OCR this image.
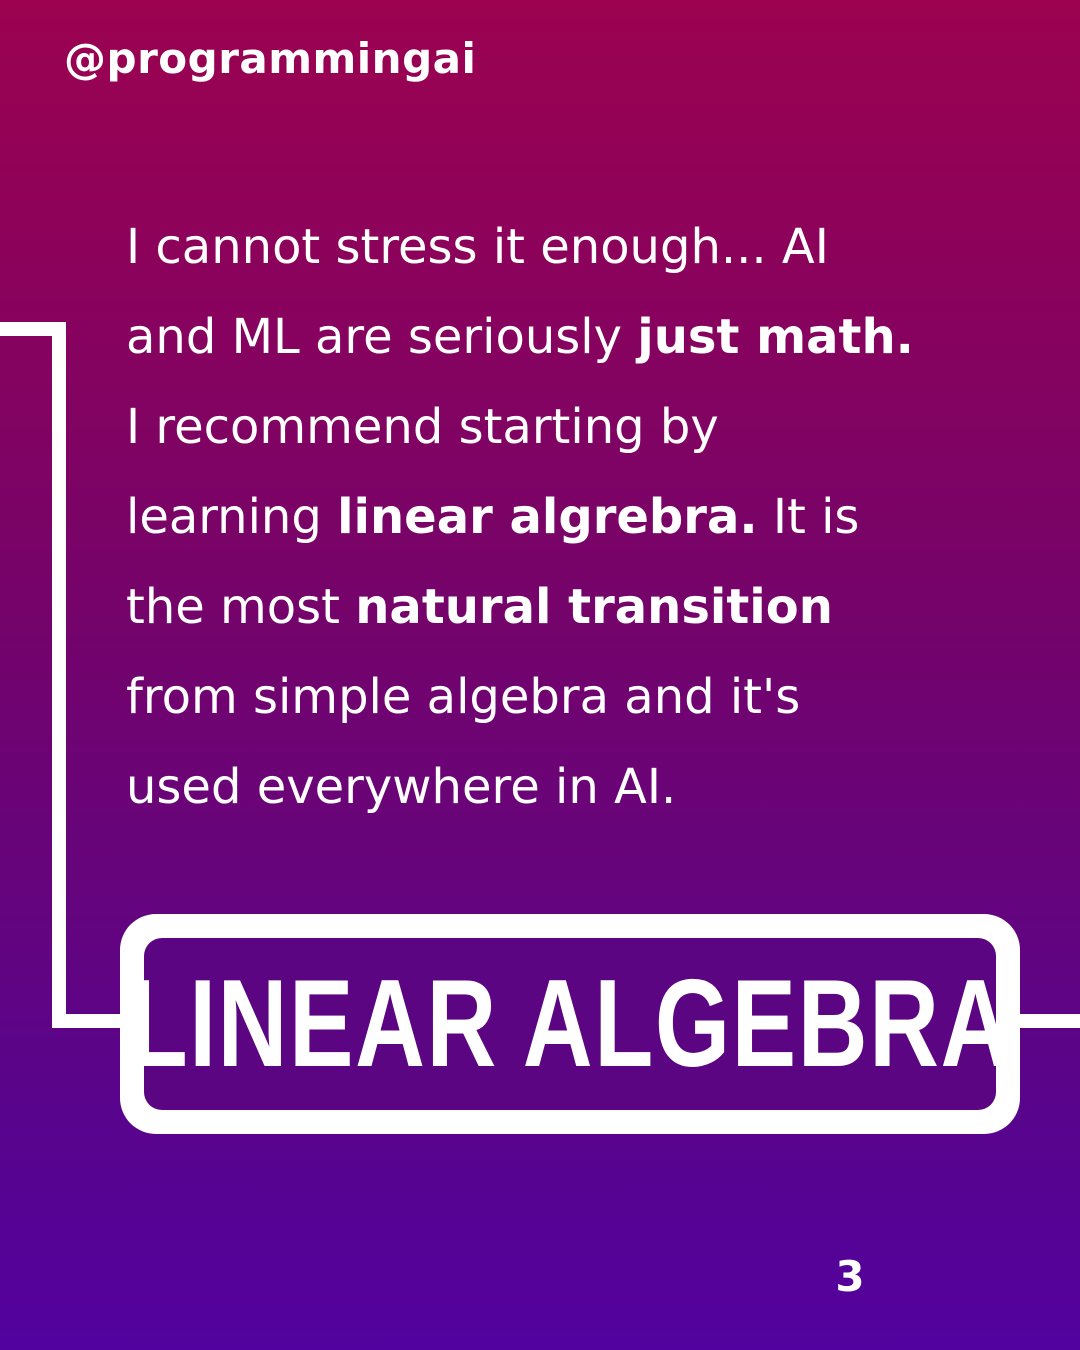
@programmingai
I cannot stress it enough... AI
and ML are seriously just math.
I recommend starting by
learning linear algrebra. It is
the most natural transition
from simple algebra and it's
used everywhere in AI.
LINEAR ALGEBRA
3
